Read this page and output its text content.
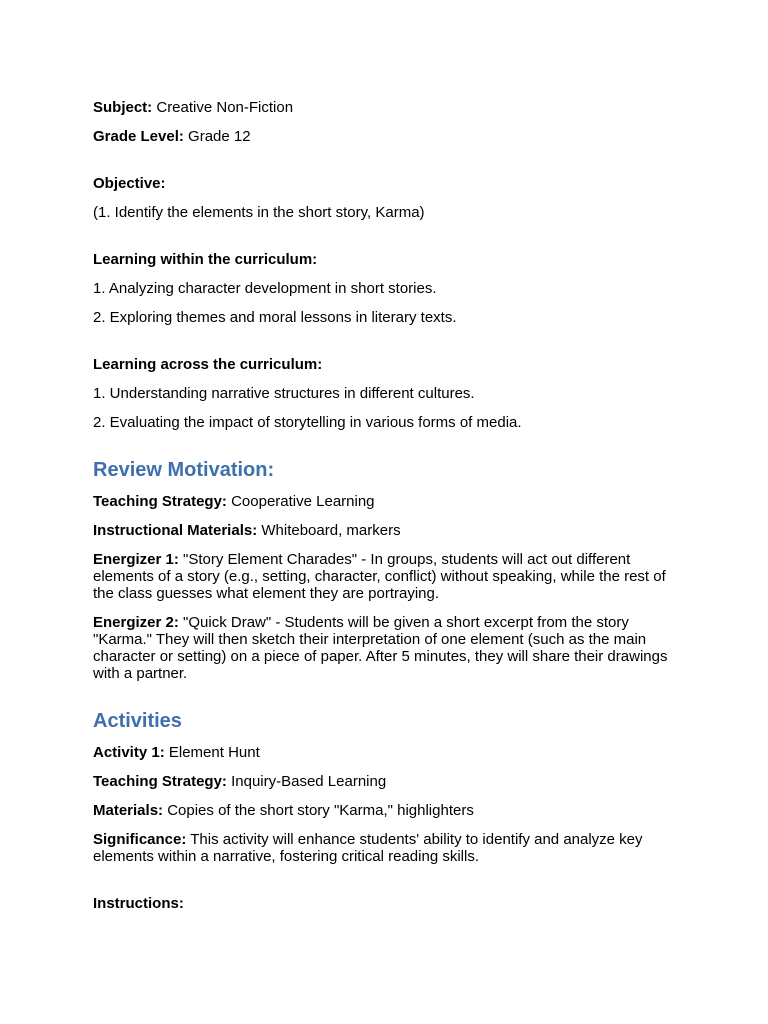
Subject: Creative Non-Fiction

Grade Level: Grade 12

Objective:

(1. Identify the elements in the short story, Karma)

Learning within the curriculum:

1. Analyzing character development in short stories.

2. Exploring themes and moral lessons in literary texts.

Learning across the curriculum:

1. Understanding narrative structures in different cultures.

2. Evaluating the impact of storytelling in various forms of media.

Review Motivation:

Teaching Strategy: Cooperative Learning

Instructional Materials: Whiteboard, markers

Energizer 1: "Story Element Charades" - In groups, students will act out different elements of a story (e.g., setting, character, conflict) without speaking, while the rest of the class guesses what element they are portraying.

Energizer 2: "Quick Draw" - Students will be given a short excerpt from the story "Karma." They will then sketch their interpretation of one element (such as the main character or setting) on a piece of paper. After 5 minutes, they will share their drawings with a partner.

Activities

Activity 1: Element Hunt

Teaching Strategy: Inquiry-Based Learning

Materials: Copies of the short story "Karma," highlighters

Significance: This activity will enhance students' ability to identify and analyze key elements within a narrative, fostering critical reading skills.

Instructions:
